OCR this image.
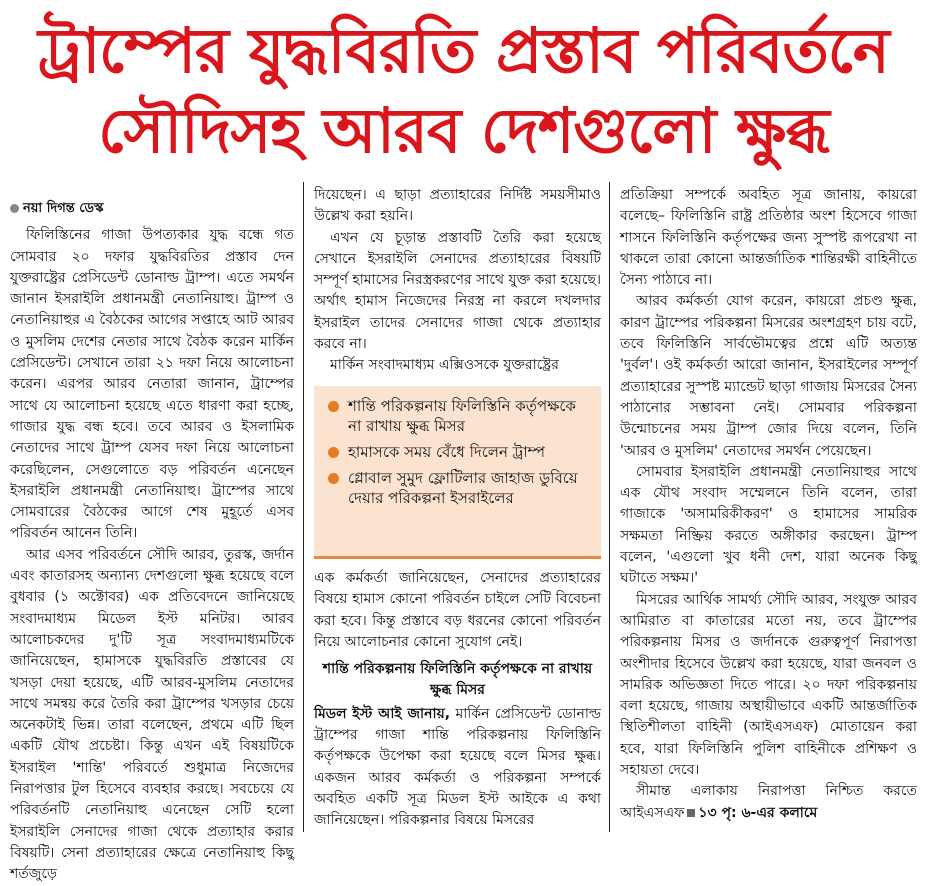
ট্রাম্পের যুদ্ধবিরতি প্রস্তাব পরিবর্তনে
সৌদিসহ আরব দেশগুলো ক্ষুব্ধ

নয়া দিগন্ত ডেস্ক

ফিলিস্তিনের গাজা উপত্যকার যুদ্ধ বন্ধে গত সোমবার ২০ দফার যুদ্ধবিরতির প্রস্তাব দেন যুক্তরাষ্ট্রের প্রেসিডেন্ট ডোনাল্ড ট্রাম্প। এতে সমর্থন জানান ইসরাইলি প্রধানমন্ত্রী নেতানিয়াহু। ট্রাম্প ও নেতানিয়াহুর এ বৈঠকের আগের সপ্তাহে আট আরব ও মুসলিম দেশের নেতার সাথে বৈঠক করেন মার্কিন প্রেসিডেন্ট। সেখানে তারা ২১ দফা নিয়ে আলোচনা করেন। এরপর আরব নেতারা জানান, ট্রাম্পের সাথে যে আলোচনা হয়েছে এতে ধারণা করা হচ্ছে, গাজার যুদ্ধ বন্ধ হবে। তবে আরব ও ইসলামিক নেতাদের সাথে ট্রাম্প যেসব দফা নিয়ে আলোচনা করেছিলেন, সেগুলোতে বড় পরিবর্তন এনেছেন ইসরাইলি প্রধানমন্ত্রী নেতানিয়াহু। ট্রাম্পের সাথে সোমবারের বৈঠকের আগে শেষ মুহূর্তে এসব পরিবর্তন আনেন তিনি।

আর এসব পরিবর্তনে সৌদি আরব, তুরস্ক, জর্দান এবং কাতারসহ অন্যান্য দেশগুলো ক্ষুব্ধ হয়েছে বলে বুধবার (১ অক্টোবর) এক প্রতিবেদনে জানিয়েছে সংবাদমাধ্যম মিডেল ইস্ট মনিটর। আরব আলোচকদের দু'টি সূত্র সংবাদমাধ্যমটিকে জানিয়েছেন, হামাসকে যুদ্ধবিরতি প্রস্তাবের যে খসড়া দেয়া হয়েছে, এটি আরব-মুসলিম নেতাদের সাথে সমন্বয় করে তৈরি করা ট্রাম্পের খসড়ার চেয়ে অনেকটাই ভিন্ন। তারা বলেছেন, প্রথমে এটি ছিল একটি যৌথ প্রচেষ্টা। কিন্তু এখন এই বিষয়টিকে ইসরাইল 'শান্তি' পরিবর্তে শুধুমাত্র নিজেদের নিরাপত্তার টুল হিসেবে ব্যবহার করছে। সবচেয়ে যে পরিবর্তনটি নেতানিয়াহু এনেছেন সেটি হলো ইসরাইলি সেনাদের গাজা থেকে প্রত্যাহার করার বিষয়টি। সেনা প্রত্যাহারের ক্ষেত্রে নেতানিয়াহু কিছু শর্তজুড়ে

দিয়েছেন। এ ছাড়া প্রত্যাহারের নির্দিষ্ট সময়সীমাও উল্লেখ করা হয়নি।

এখন যে চূড়ান্ত প্রস্তাবটি তৈরি করা হয়েছে সেখানে ইসরাইলি সেনাদের প্রত্যাহারের বিষয়টি সম্পূর্ণ হামাসের নিরস্ত্রকরণের সাথে যুক্ত করা হয়েছে। অর্থাৎ হামাস নিজেদের নিরস্ত্র না করলে দখলদার ইসরাইল তাদের সেনাদের গাজা থেকে প্রত্যাহার করবে না।

মার্কিন সংবাদমাধ্যম এক্সিওসকে যুক্তরাষ্ট্রের

শান্তি পরিকল্পনায় ফিলিস্তিনি কর্তৃপক্ষকে না রাখায় ক্ষুব্ধ মিসর
হামাসকে সময় বেঁধে দিলেন ট্রাম্প
গ্লোবাল সুমুদ ফ্লোটিলার জাহাজ ডুবিয়ে দেয়ার পরিকল্পনা ইসরাইলের

এক কর্মকর্তা জানিয়েছেন, সেনাদের প্রত্যাহারের বিষয়ে হামাস কোনো পরিবর্তন চাইলে সেটি বিবেচনা করা হবে। কিন্তু প্রস্তাবে বড় ধরনের কোনো পরিবর্তন নিয়ে আলোচনার কোনো সুযোগ নেই।

শান্তি পরিকল্পনায় ফিলিস্তিনি কর্তৃপক্ষকে না রাখায় ক্ষুব্ধ মিসর

মিডল ইস্ট আই জানায়, মার্কিন প্রেসিডেন্ট ডোনাল্ড ট্রাম্পের গাজা শান্তি পরিকল্পনায় ফিলিস্তিনি কর্তৃপক্ষকে উপেক্ষা করা হয়েছে বলে মিসর ক্ষুব্ধ। একজন আরব কর্মকর্তা ও পরিকল্পনা সম্পর্কে অবহিত একটি সূত্র মিডল ইস্ট আইকে এ কথা জানিয়েছেন। পরিকল্পনার বিষয়ে মিসরের

প্রতিক্রিয়া সম্পর্কে অবহিত সূত্র জানায়, কায়রো বলেছে– ফিলিস্তিনি রাষ্ট্র প্রতিষ্ঠার অংশ হিসেবে গাজা শাসনে ফিলিস্তিনি কর্তৃপক্ষের জন্য সুস্পষ্ট রূপরেখা না থাকলে তারা কোনো আন্তর্জাতিক শান্তিরক্ষী বাহিনীতে সৈন্য পাঠাবে না।

আরব কর্মকর্তা যোগ করেন, কায়রো প্রচণ্ড ক্ষুব্ধ, কারণ ট্রাম্পের পরিকল্পনা মিসরের অংশগ্রহণ চায় বটে, তবে ফিলিস্তিনি সার্বভৌমত্বের প্রশ্নে এটি অত্যন্ত 'দুর্বল'। ওই কর্মকর্তা আরো জানান, ইসরাইলের সম্পূর্ণ প্রত্যাহারের সুস্পষ্ট ম্যান্ডেট ছাড়া গাজায় মিসরের সৈন্য পাঠানোর সম্ভাবনা নেই। সোমবার পরিকল্পনা উন্মোচনের সময় ট্রাম্প জোর দিয়ে বলেন, তিনি 'আরব ও মুসলিম' নেতাদের সমর্থন পেয়েছেন।

সোমবার ইসরাইলি প্রধানমন্ত্রী নেতানিয়াহুর সাথে এক যৌথ সংবাদ সম্মেলনে তিনি বলেন, তারা গাজাকে 'অসামরিকীকরণ' ও হামাসের সামরিক সক্ষমতা নিষ্ক্রিয় করতে অঙ্গীকার করছেন। ট্রাম্প বলেন, 'এগুলো খুব ধনী দেশ, যারা অনেক কিছু ঘটাতে সক্ষম।'

মিসরের আর্থিক সামর্থ্য সৌদি আরব, সংযুক্ত আরব আমিরাত বা কাতারের মতো নয়, তবে ট্রাম্পের পরিকল্পনায় মিসর ও জর্দানকে গুরুত্বপূর্ণ নিরাপত্তা অংশীদার হিসেবে উল্লেখ করা হয়েছে, যারা জনবল ও সামরিক অভিজ্ঞতা দিতে পারে। ২০ দফা পরিকল্পনায় বলা হয়েছে, গাজায় অস্থায়ীভাবে একটি আন্তর্জাতিক স্থিতিশীলতা বাহিনী (আইএসএফ) মোতায়েন করা হবে, যারা ফিলিস্তিনি পুলিশ বাহিনীকে প্রশিক্ষণ ও সহায়তা দেবে।

সীমান্ত এলাকায় নিরাপত্তা নিশ্চিত করতে আইএসএফ ১৩ পৃ: ৬-এর কলামে
